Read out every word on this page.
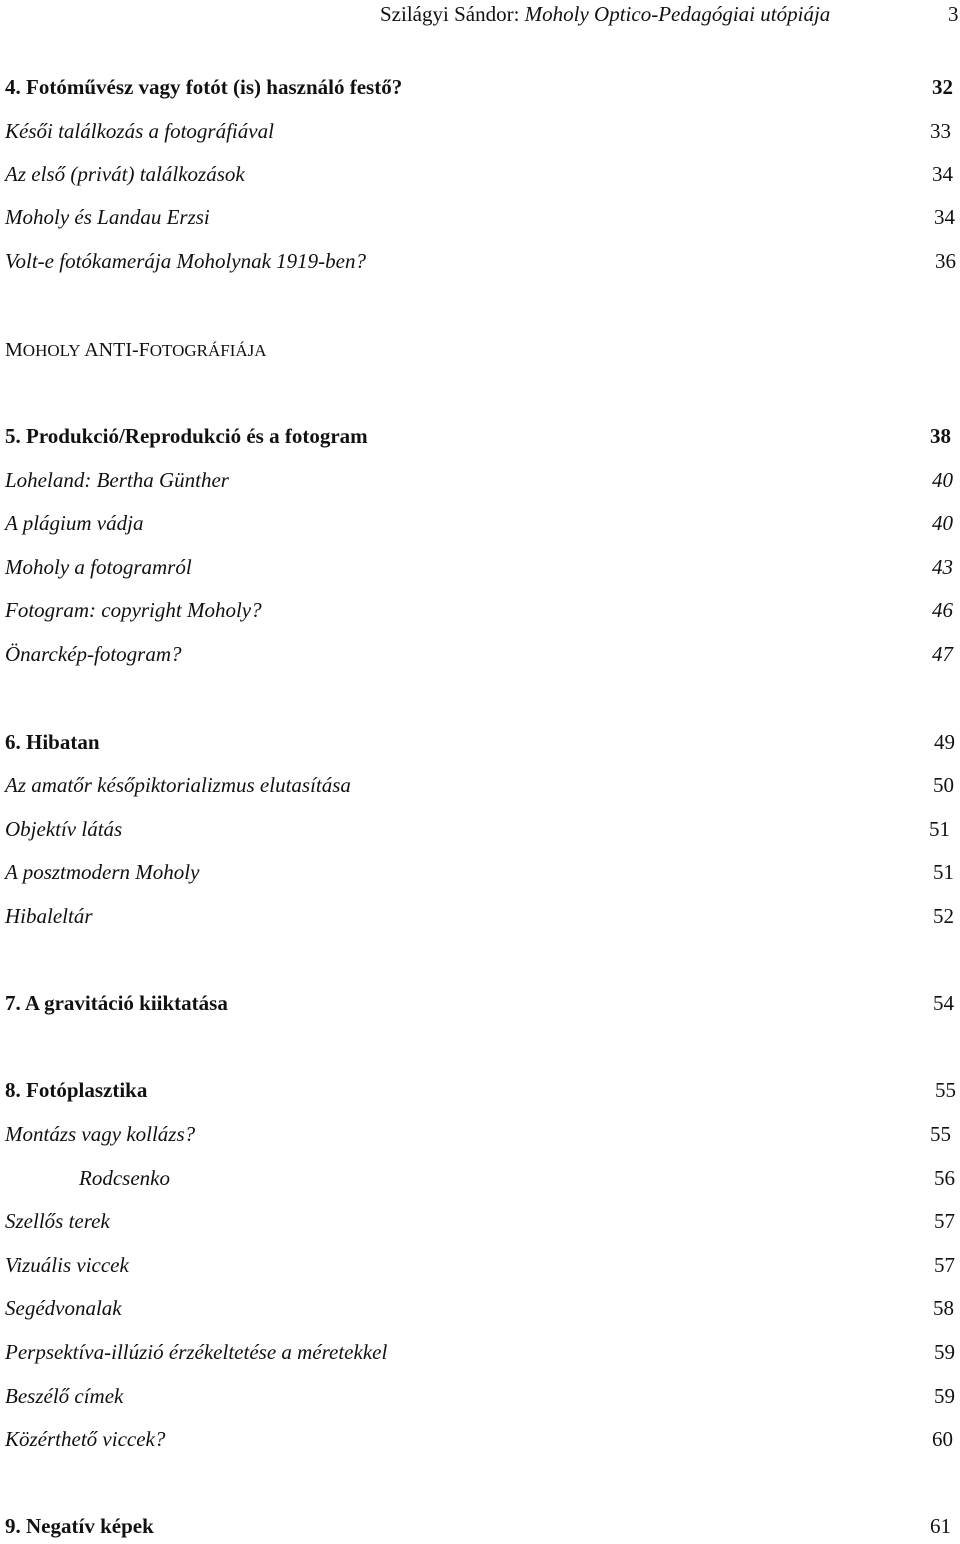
Szilágyi Sándor: Moholy Optico-Pedagógiai utópiája	3
MOHOLY ANTI-FOTOGRÁFIÁJA
4. Fotóművész vagy fotót (is) használó festő?	32
Késői találkozás a fotográfiával	33
Az első (privát) találkozások	34
Moholy és Landau Erzsi	34
Volt-e fotókamerája Moholynak 1919-ben?	36
5. Produkció/Reprodukció és a fotogram	38
Loheland: Bertha Günther	40
A plágium vádja	40
Moholy a fotogramról	43
Fotogram: copyright Moholy?	46
Önarckép-fotogram?	47
6. Hibatan	49
Az amatőr későpiktorializmus elutasítása	50
Objektív látás	51
A posztmodern Moholy	51
Hibaleltár	52
7. A gravitáció kiiktatása	54
8. Fotóplasztika	55
Montázs vagy kollázs?	55
Rodcsenko	56
Szellős terek	57
Vizuális viccek	57
Segédvonalak	58
Perpsektíva-illúzió érzékeltetése a méretekkel	59
Beszélő címek	59
Közérthető viccek?	60
9. Negatív képek	61
